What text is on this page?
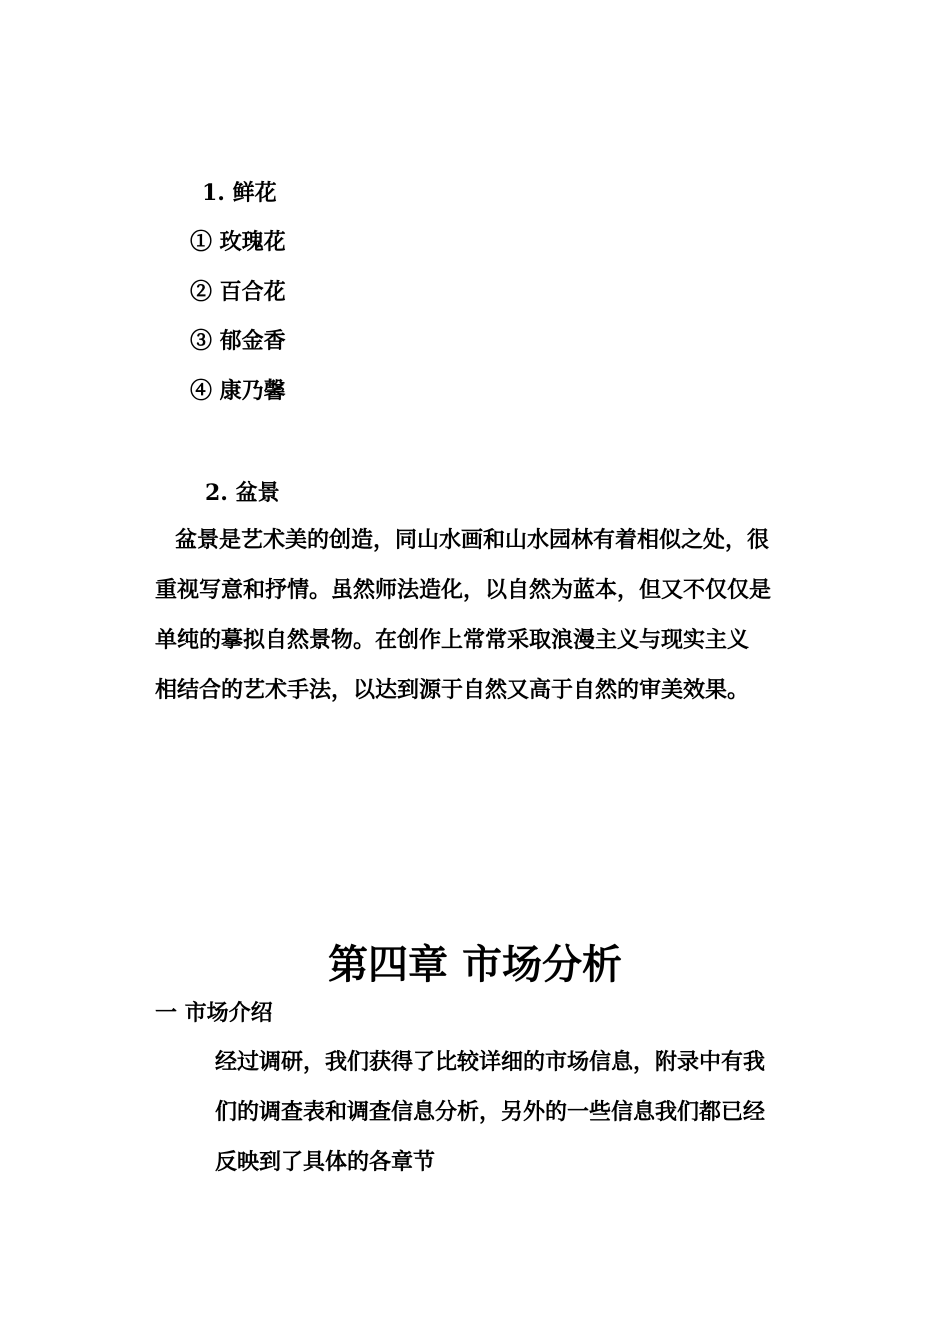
1. 鲜花
① 玫瑰花
② 百合花
③ 郁金香
④ 康乃馨
2. 盆景
盆景是艺术美的创造，同山水画和山水园林有着相似之处，很
重视写意和抒情。虽然师法造化，以自然为蓝本，但又不仅仅是
单纯的摹拟自然景物。在创作上常常采取浪漫主义与现实主义
相结合的艺术手法，以达到源于自然又高于自然的审美效果。
第四章 市场分析
一 市场介绍
经过调研，我们获得了比较详细的市场信息，附录中有我
们的调查表和调查信息分析，另外的一些信息我们都已经
反映到了具体的各章节
